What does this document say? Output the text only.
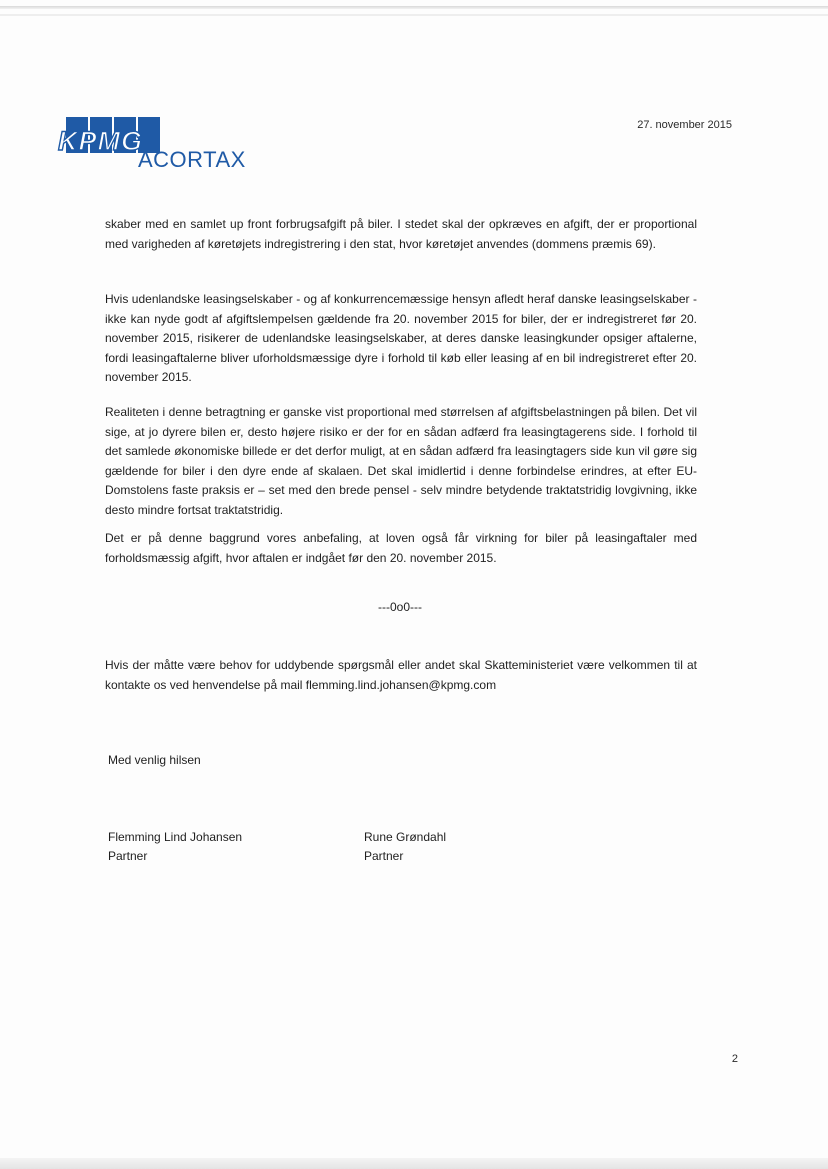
KPMG
ACORTAX
27. november 2015
skaber med en samlet up front forbrugsafgift på biler. I stedet skal der opkræves en afgift, der er proportional med varigheden af køretøjets indregistrering i den stat, hvor køretøjet anvendes (dommens præmis 69).
Hvis udenlandske leasingselskaber - og af konkurrencemæssige hensyn afledt heraf danske leasingselskaber - ikke kan nyde godt af afgiftslempelsen gældende fra 20. november 2015 for biler, der er indregistreret før 20. november 2015, risikerer de udenlandske leasingselskaber, at deres danske leasingkunder opsiger aftalerne, fordi leasingaftalerne bliver uforholdsmæssige dyre i forhold til køb eller leasing af en bil indregistreret efter 20. november 2015.
Realiteten i denne betragtning er ganske vist proportional med størrelsen af afgiftsbelastningen på bilen. Det vil sige, at jo dyrere bilen er, desto højere risiko er der for en sådan adfærd fra leasingtagerens side. I forhold til det samlede økonomiske billede er det derfor muligt, at en sådan adfærd fra leasingtagers side kun vil gøre sig gældende for biler i den dyre ende af skalaen. Det skal imidlertid i denne forbindelse erindres, at efter EU-Domstolens faste praksis er – set med den brede pensel - selv mindre betydende traktatstridig lovgivning, ikke desto mindre fortsat traktatstridig.
Det er på denne baggrund vores anbefaling, at loven også får virkning for biler på leasingaftaler med forholdsmæssig afgift, hvor aftalen er indgået før den 20. november 2015.
---0o0---
Hvis der måtte være behov for uddybende spørgsmål eller andet skal Skatteministeriet være velkommen til at kontakte os ved henvendelse på mail flemming.lind.johansen@kpmg.com
Med venlig hilsen
Flemming Lind Johansen
Partner
Rune Grøndahl
Partner
2
